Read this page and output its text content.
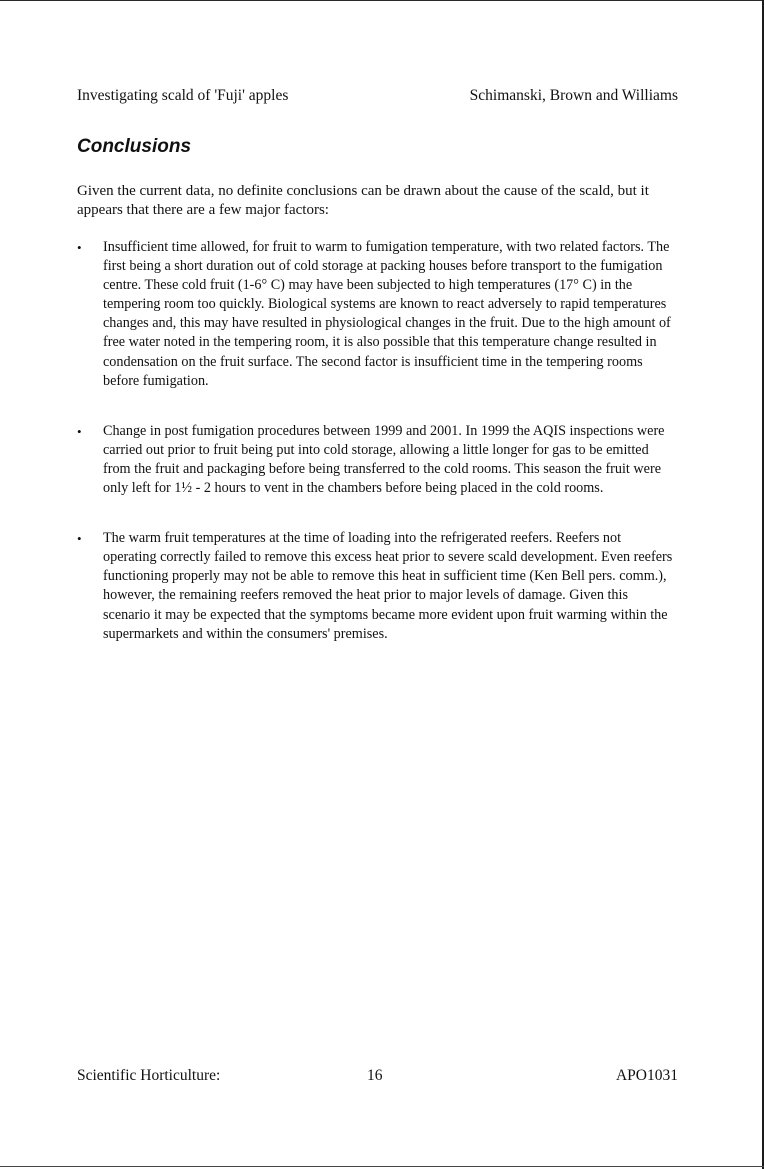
Investigating scald of 'Fuji' apples	Schimanski, Brown and Williams
Conclusions

Given the current data, no definite conclusions can be drawn about the cause of the scald, but it appears that there are a few major factors:

•	Insufficient time allowed, for fruit to warm to fumigation temperature, with two related factors. The first being a short duration out of cold storage at packing houses before transport to the fumigation centre. These cold fruit (1-6° C) may have been subjected to high temperatures (17° C) in the tempering room too quickly. Biological systems are known to react adversely to rapid temperatures changes and, this may have resulted in physiological changes in the fruit. Due to the high amount of free water noted in the tempering room, it is also possible that this temperature change resulted in condensation on the fruit surface. The second factor is insufficient time in the tempering rooms before fumigation.
•	Change in post fumigation procedures between 1999 and 2001. In 1999 the AQIS inspections were carried out prior to fruit being put into cold storage, allowing a little longer for gas to be emitted from the fruit and packaging before being transferred to the cold rooms. This season the fruit were only left for 1½ - 2 hours to vent in the chambers before being placed in the cold rooms.
•	The warm fruit temperatures at the time of loading into the refrigerated reefers. Reefers not operating correctly failed to remove this excess heat prior to severe scald development. Even reefers functioning properly may not be able to remove this heat in sufficient time (Ken Bell pers. comm.), however, the remaining reefers removed the heat prior to major levels of damage. Given this scenario it may be expected that the symptoms became more evident upon fruit warming within the supermarkets and within the consumers' premises.
Scientific Horticulture:	16	APO1031
